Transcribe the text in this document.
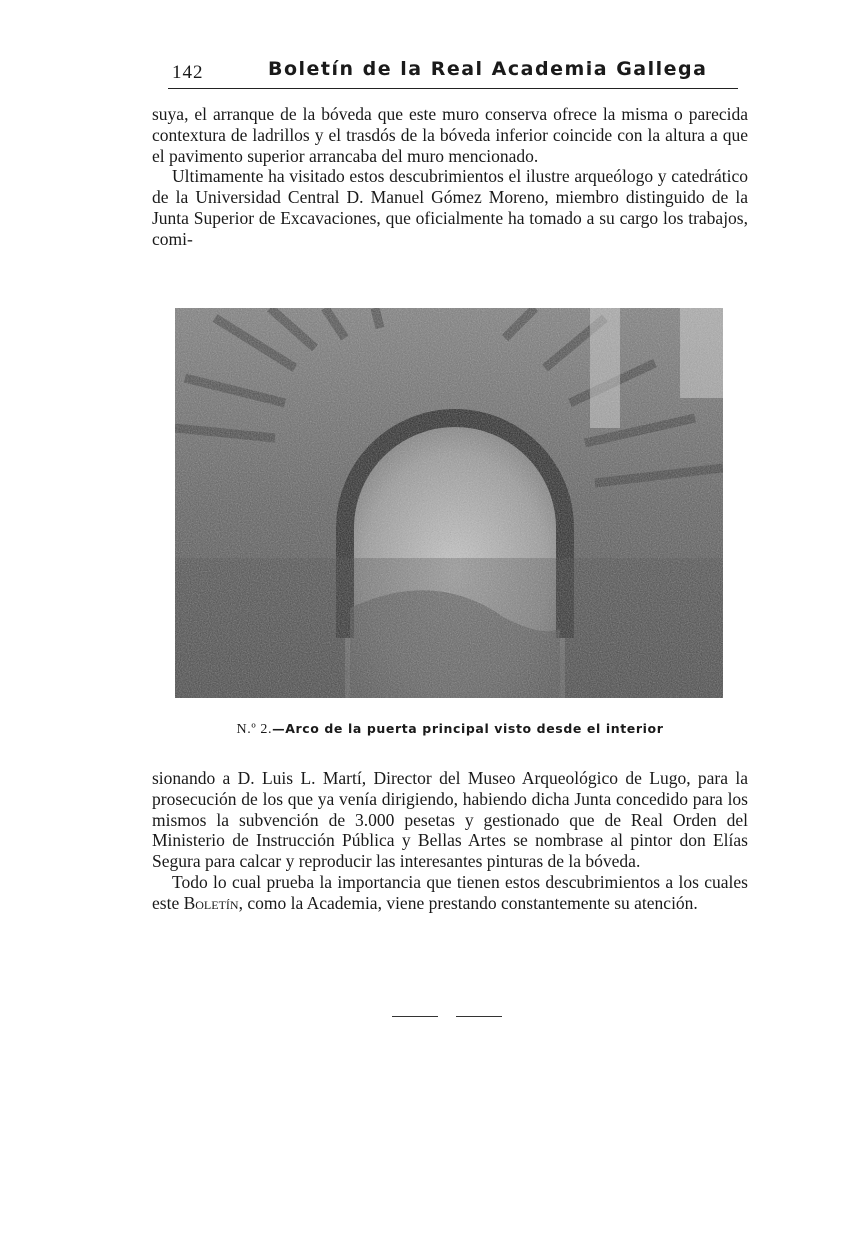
142	Boletín de la Real Academia Gallega

suya, el arranque de la bóveda que este muro conserva ofrece la misma o parecida contextura de ladrillos y el trasdós de la bóveda inferior coincide con la altura a que el pavimento superior arrancaba del muro mencionado.

Ultimamente ha visitado estos descubrimientos el ilustre arqueólogo y catedrático de la Universidad Central D. Manuel Gómez Moreno, miembro distinguido de la Junta Superior de Excavaciones, que oficialmente ha tomado a su cargo los trabajos, comi-

N.º 2.—Arco de la puerta principal visto desde el interior

sionando a D. Luis L. Martí, Director del Museo Arqueológico de Lugo, para la prosecución de los que ya venía dirigiendo, habiendo dicha Junta concedido para los mismos la subvención de 3.000 pesetas y gestionado que de Real Orden del Ministerio de Instrucción Pública y Bellas Artes se nombrase al pintor don Elías Segura para calcar y reproducir las interesantes pinturas de la bóveda.

Todo lo cual prueba la importancia que tienen estos descubrimientos a los cuales este Boletín, como la Academia, viene prestando constantemente su atención.
